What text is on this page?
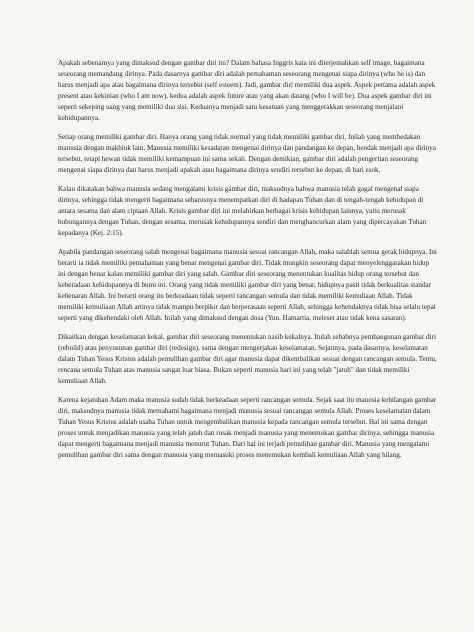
Apakah sebenarnya yang dimaksud dengan gambar diri itu? Dalam bahasa Inggris kata ini diterjemahkan self image, bagaimana seseorang memandang dirinya. Pada dasarnya gambar diri adalah pemahaman seseorang mengenai siapa dirinya (who he is) dan harus menjadi apa atau bagaimana dirinya tersebut (self esteem). Jadi, gambar diri memiliki dua aspek. Aspek pertama adalah aspek present atau kekinian (who I am now), kedua adalah aspek future atau yang akan datang (who I will be). Dua aspek gambar diri ini seperti sekeping uang yang memiliki dua sisi. Keduanya menjadi satu kesatuan yang menggerakkan seseorang menjalani kehidupannya.

Setiap orang memiliki gambar diri. Hanya orang yang tidak normal yang tidak memiliki gambar diri. Inilah yang membedakan manusia dengan makhluk lain. Manusia memiliki kesadaran mengenai dirinya dan pandangan ke depan, hendak menjadi apa dirinya tersebut, tetapi hewan tidak memiliki kemampuan ini sama sekali. Dengan demikian, gambar diri adalah pengertian seseorang mengenai siapa dirinya dan harus menjadi apakah atau bagaimana dirinya sendiri tersebut ke depan, di hari esok.

Kalau dikatakan bahwa manusia sedang mengalami krisis gambar diri, maksudnya bahwa manusia telah gagal mengenal siapa dirinya, sehingga tidak mengerti bagaimana seharusnya menempatkan diri di hadapan Tuhan dan di tengah-tengah kehidupan di antara sesama dan alam ciptaan Allah. Krisis gambar diri ini melahirkan berbagai krisis kehidupan lainnya, yaitu merusak hubungannya dengan Tuhan, dengan sesama, merusak kehidupannya sendiri dan menghancurkan alam yang dipercayakan Tuhan kepadanya (Kej. 2:15).

Apabila pandangan seseorang salah mengenai bagaimana manusia sesuai rancangan Allah, maka salahlah semua gerak hidupnya. Ini berarti ia tidak memiliki pemahaman yang benar mengenai gambar diri. Tidak mungkin seseorang dapat menyelenggarakan hidup ini dengan benar kalau memiliki gambar diri yang salah. Gambar diri seseorang menentukan kualitas hidup orang tersebut dan keberadaan kehidupannya di bumi ini. Orang yang tidak memiliki gambar diri yang benar, hidupnya pasti tidak berkualitas standar kebenaran Allah. Ini berarti orang itu berkeadaan tidak seperti rancangan semula dan tidak memiliki kemuliaan Allah. Tidak memiliki kemuliaan Allah artinya tidak mampu berpikir dan berperasaan seperti Allah, sehingga kehendaknya tidak bisa selalu tepat seperti yang dikehendaki oleh Allah. Inilah yang dimaksud dengan dosa (Yun. Hamartia, meleset atau tidak kena sasaran).

Dikaitkan dengan keselamatan kekal, gambar diri seseorang menentukan nasib kekalnya. Itulah sebabnya pembangunan gambar diri (rebuild) atau penyusunan gambar diri (redesign), sama dengan mengerjakan keselamatan. Sejatinya, pada dasarnya, keselamatan dalam Tuhan Yesus Kristus adalah pemulihan gambar diri agar manusia dapat dikembalikan sesuai dengan rancangan semula. Tentu, rencana semula Tuhan atas manusia sangat luar biasa. Bukan seperti manusia hari ini yang telah "jatuh" dan tidak memiliki kemuliaan Allah.

Karena kejatuhan Adam maka manusia sudah tidak berkeadaan seperti rancangan semula. Sejak saat itu manusia kehilangan gambar diri, maksudnya manusia tidak memahami bagaimana menjadi manusia sesuai rancangan semula Allah. Proses keselamatan dalam Tuhan Yesus Kristus adalah usaha Tuhan untuk mengembalikan manusia kepada rancangan semula tersebut. Hal ini sama dengan proses untuk menjadikan manusia yang telah jatuh dan rusak menjadi manusia yang menemukan gambar dirinya, sehingga manusia dapat mengerti bagaimana menjadi manusia menurut Tuhan. Dari hal ini terjadi pemulihan gambar diri. Manusia yang mengalami pemulihan gambar diri sama dengan manusia yang memasuki proses menemukan kembali kemuliaan Allah yang hilang.
